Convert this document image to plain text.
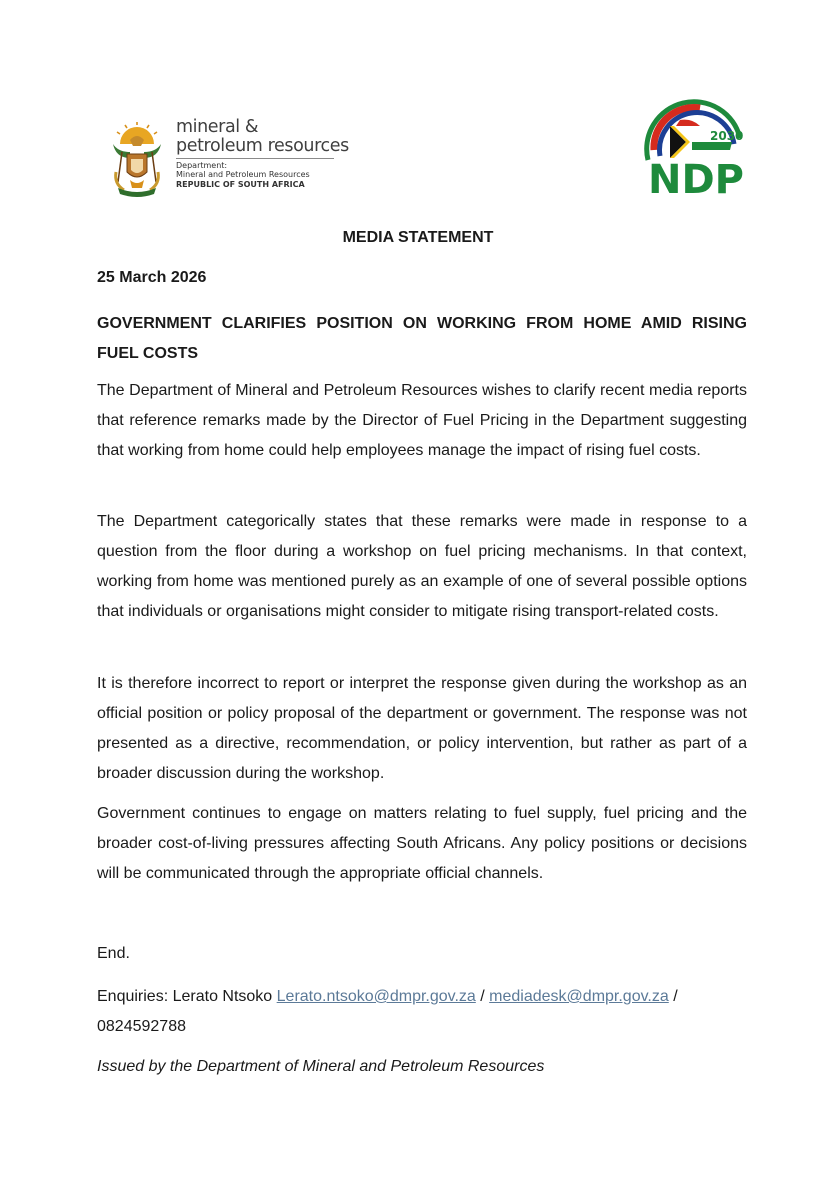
mineral &
petroleum resources
Department:
Mineral and Petroleum Resources
REPUBLIC OF SOUTH AFRICA
2030
NDP
MEDIA STATEMENT
25 March 2026
GOVERNMENT CLARIFIES POSITION ON WORKING FROM HOME AMID RISING FUEL COSTS

The Department of Mineral and Petroleum Resources wishes to clarify recent media reports that reference remarks made by the Director of Fuel Pricing in the Department suggesting that working from home could help employees manage the impact of rising fuel costs.

The Department categorically states that these remarks were made in response to a question from the floor during a workshop on fuel pricing mechanisms. In that context, working from home was mentioned purely as an example of one of several possible options that individuals or organisations might consider to mitigate rising transport-related costs.

It is therefore incorrect to report or interpret the response given during the workshop as an official position or policy proposal of the department or government. The response was not presented as a directive, recommendation, or policy intervention, but rather as part of a broader discussion during the workshop.

Government continues to engage on matters relating to fuel supply, fuel pricing and the broader cost-of-living pressures affecting South Africans. Any policy positions or decisions will be communicated through the appropriate official channels.

End.
Enquiries: Lerato Ntsoko Lerato.ntsoko@dmpr.gov.za / mediadesk@dmpr.gov.za /
0824592788
Issued by the Department of Mineral and Petroleum Resources
